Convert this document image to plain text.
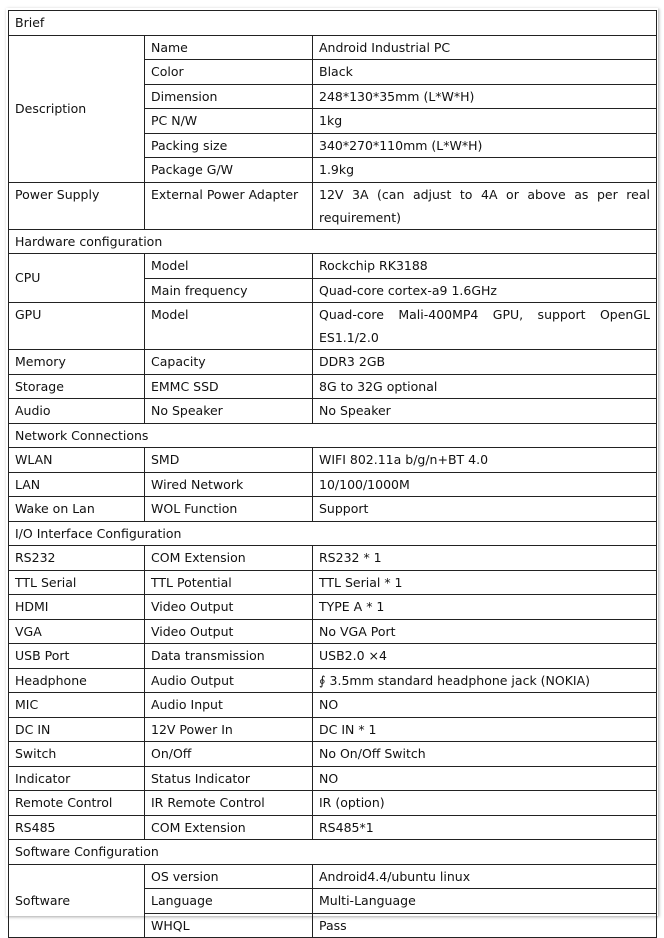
Brief		
Description	Name	Android Industrial PC
	Color	Black
	Dimension	248*130*35mm (L*W*H)
	PC N/W	1kg
	Packing size	340*270*110mm (L*W*H)
	Package G/W	1.9kg
Power Supply	External Power Adapter	12V 3A (can adjust to 4A or above as per real requirement)
Hardware configuration		
CPU	Model	Rockchip RK3188
	Main frequency	Quad-core cortex-a9 1.6GHz
GPU	Model	Quad-core Mali-400MP4 GPU, support OpenGL ES1.1/2.0
Memory	Capacity	DDR3 2GB
Storage	EMMC SSD	8G to 32G optional
Audio	No Speaker	No Speaker
Network Connections		
WLAN	SMD	WIFI 802.11a b/g/n+BT 4.0
LAN	Wired Network	10/100/1000M
Wake on Lan	WOL Function	Support
I/O Interface Configuration		
RS232	COM Extension	RS232 * 1
TTL Serial	TTL Potential	TTL Serial * 1
HDMI	Video Output	TYPE A * 1
VGA	Video Output	No VGA Port
USB Port	Data transmission	USB2.0 ×4
Headphone	Audio Output	∮ 3.5mm standard headphone jack (NOKIA)
MIC	Audio Input	NO
DC IN	12V Power In	DC IN * 1
Switch	On/Off	No On/Off Switch
Indicator	Status Indicator	NO
Remote Control	IR Remote Control	IR (option)
RS485	COM Extension	RS485*1
Software Configuration		
Software	OS version	Android4.4/ubuntu linux
	Language	Multi-Language
	WHQL	Pass
